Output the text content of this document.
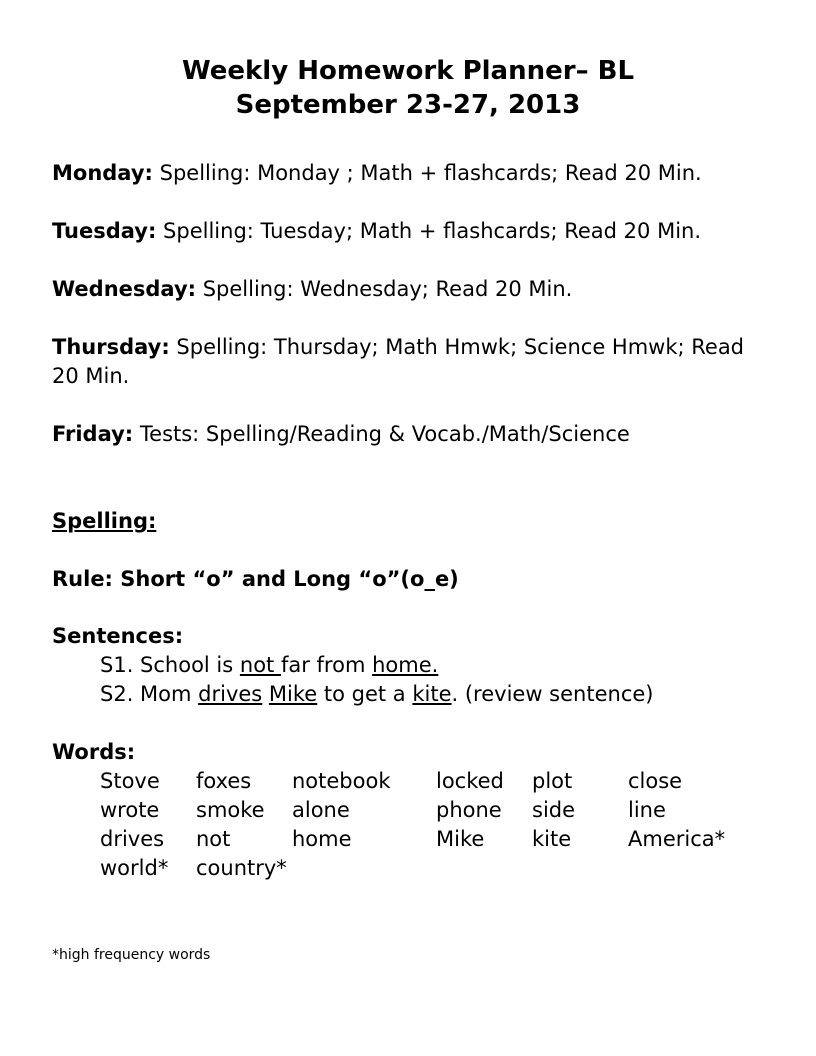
Weekly Homework Planner– BL
September 23-27, 2013
Monday: Spelling: Monday ; Math + flashcards; Read 20 Min.
Tuesday: Spelling: Tuesday; Math + flashcards; Read 20 Min.
Wednesday: Spelling: Wednesday; Read 20 Min.
Thursday: Spelling: Thursday; Math Hmwk; Science Hmwk; Read
20 Min.
Friday: Tests: Spelling/Reading & Vocab./Math/Science
Spelling:
Rule: Short “o” and Long “o”(o_e)
Sentences:
S1. School is not far from home.
S2. Mom drives Mike to get a kite. (review sentence)
Words:
Stove	foxes	notebook	locked	plot	close
wrote	smoke	alone	phone	side	line
drives	not	home	Mike	kite	America*
world*	country*
*high frequency words
